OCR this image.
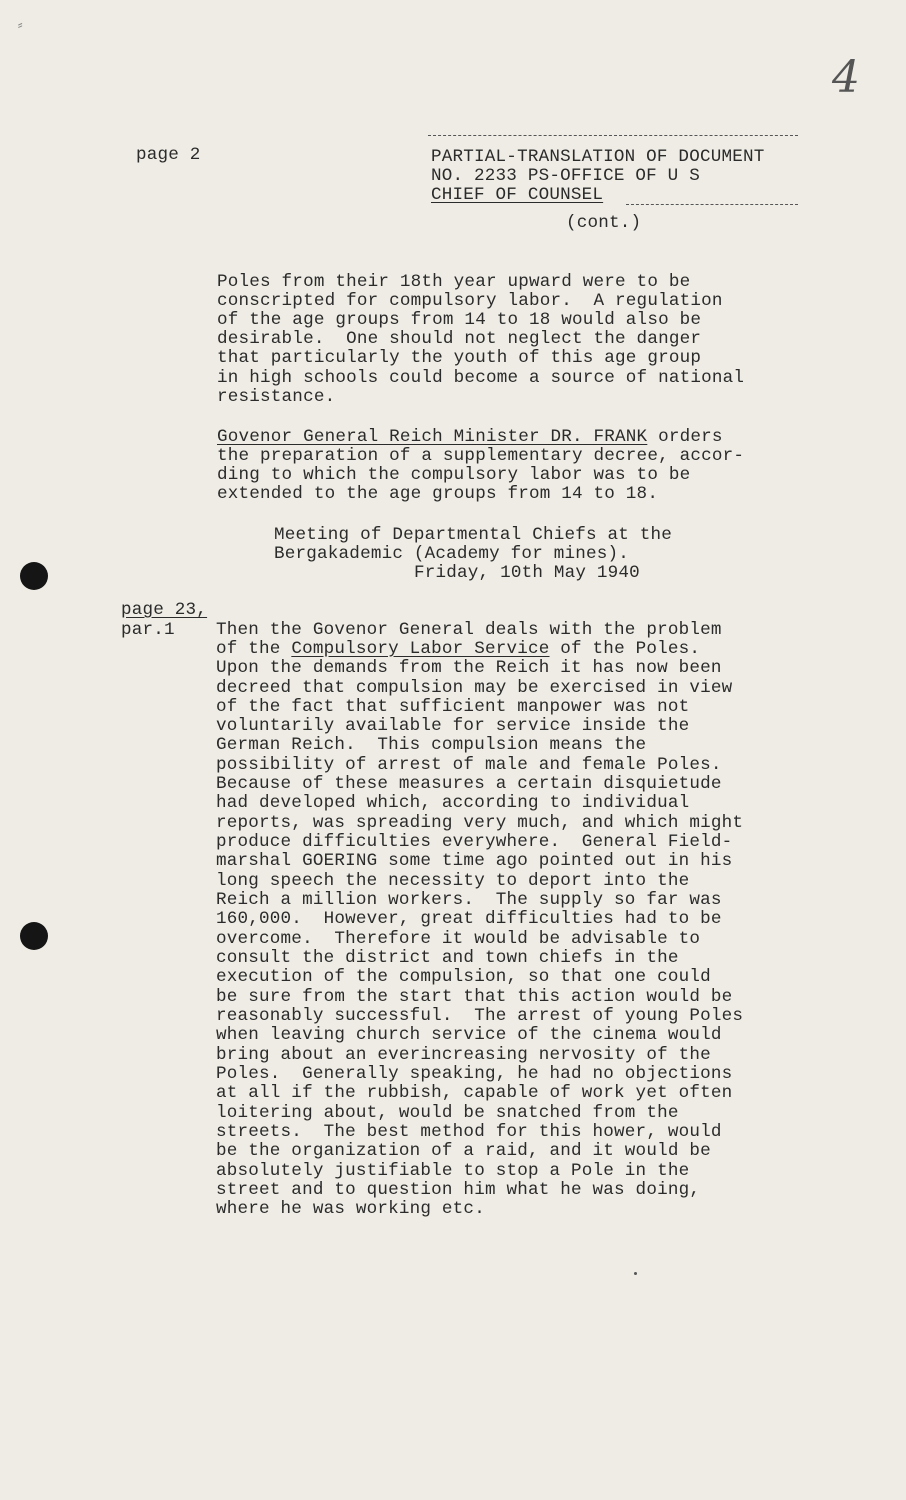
⸗
4
page 2	PARTIAL-TRANSLATION OF DOCUMENT
NO. 2233 PS-OFFICE OF U S
CHIEF OF COUNSEL
(cont.)
Poles from their 18th year upward were to be
conscripted for compulsory labor.  A regulation
of the age groups from 14 to 18 would also be
desirable.  One should not neglect the danger
that particularly the youth of this age group
in high schools could become a source of national
resistance.
Govenor General Reich Minister DR. FRANK orders
the preparation of a supplementary decree, accor-
ding to which the compulsory labor was to be
extended to the age groups from 14 to 18.
Meeting of Departmental Chiefs at the
Bergakademic (Academy for mines).
Friday, 10th May 1940
page 23,
par.1 Then the Govenor General deals with the problem
of the Compulsory Labor Service of the Poles.
Upon the demands from the Reich it has now been
decreed that compulsion may be exercised in view
of the fact that sufficient manpower was not
voluntarily available for service inside the
German Reich.  This compulsion means the
possibility of arrest of male and female Poles.
Because of these measures a certain disquietude
had developed which, according to individual
reports, was spreading very much, and which might
produce difficulties everywhere.  General Field-
marshal GOERING some time ago pointed out in his
long speech the necessity to deport into the
Reich a million workers.  The supply so far was
160,000.  However, great difficulties had to be
overcome.  Therefore it would be advisable to
consult the district and town chiefs in the
execution of the compulsion, so that one could
be sure from the start that this action would be
reasonably successful.  The arrest of young Poles
when leaving church service of the cinema would
bring about an everincreasing nervosity of the
Poles.  Generally speaking, he had no objections
at all if the rubbish, capable of work yet often
loitering about, would be snatched from the
streets.  The best method for this hower, would
be the organization of a raid, and it would be
absolutely justifiable to stop a Pole in the
street and to question him what he was doing,
where he was working etc.
